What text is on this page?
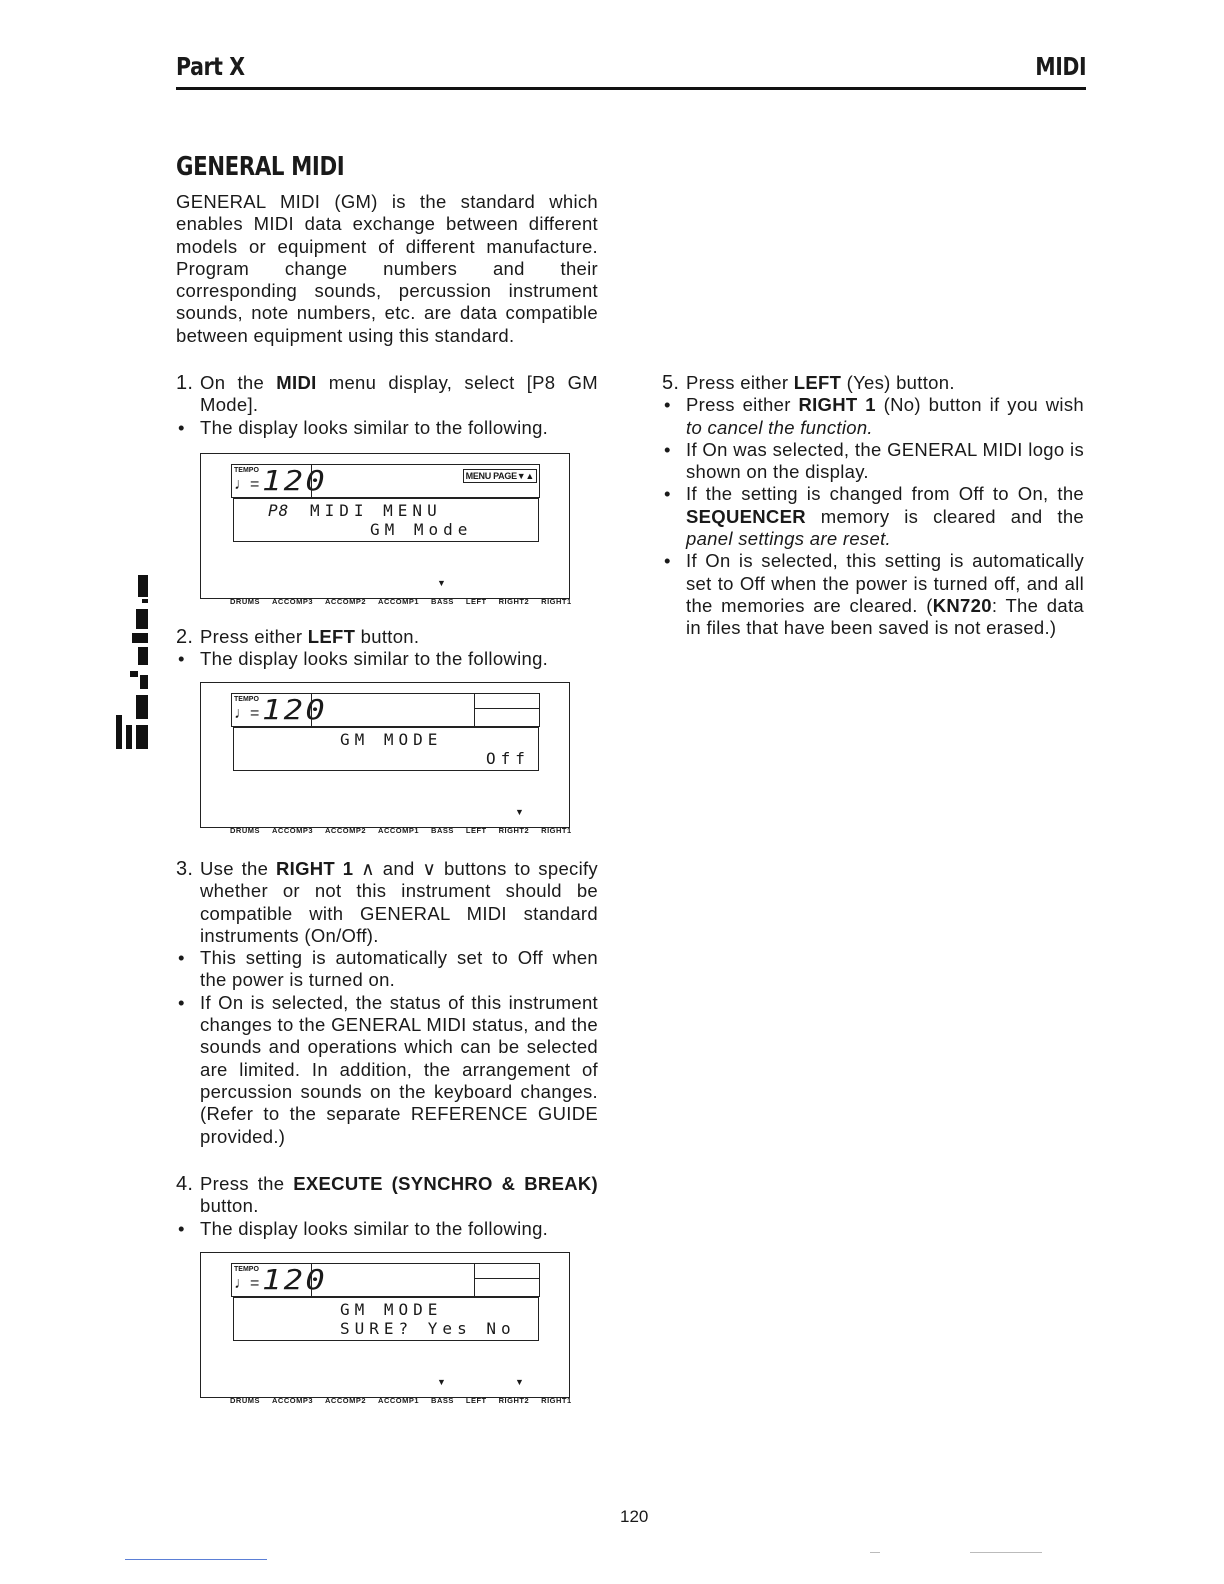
Part X	MIDI
GENERAL MIDI
GENERAL MIDI (GM) is the standard which enables MIDI data exchange between different models or equipment of different manufacture. Program change numbers and their corresponding sounds, percussion instrument sounds, note numbers, etc. are data compatible between equipment using this standard.
1. On the MIDI menu display, select [P8 GM Mode].
• The display looks similar to the following.
TEMPO
♩= 120	MENU PAGE▼▲
P8 MIDI MENU
GM Mode
▼
DRUMS ACCOMP3 ACCOMP2 ACCOMP1 BASS LEFT RIGHT2 RIGHT1
2. Press either LEFT button.
• The display looks similar to the following.
TEMPO
♩= 120
GM MODE
Off
▼
DRUMS ACCOMP3 ACCOMP2 ACCOMP1 BASS LEFT RIGHT2 RIGHT1
3. Use the RIGHT 1 ∧ and ∨ buttons to specify whether or not this instrument should be compatible with GENERAL MIDI standard instruments (On/Off).
• This setting is automatically set to Off when the power is turned on.
• If On is selected, the status of this instrument changes to the GENERAL MIDI status, and the sounds and operations which can be selected are limited. In addition, the arrangement of percussion sounds on the keyboard changes. (Refer to the separate REFERENCE GUIDE provided.)
4. Press the EXECUTE (SYNCHRO & BREAK) button.
• The display looks similar to the following.
TEMPO
♩= 120
GM MODE
SURE? Yes No
▼	▼
DRUMS ACCOMP3 ACCOMP2 ACCOMP1 BASS LEFT RIGHT2 RIGHT1
5. Press either LEFT (Yes) button.
• Press either RIGHT 1 (No) button if you wish to cancel the function.
• If On was selected, the GENERAL MIDI logo is shown on the display.
• If the setting is changed from Off to On, the SEQUENCER memory is cleared and the panel settings are reset.
• If On is selected, this setting is automatically set to Off when the power is turned off, and all the memories are cleared. (KN720: The data in files that have been saved is not erased.)
120
